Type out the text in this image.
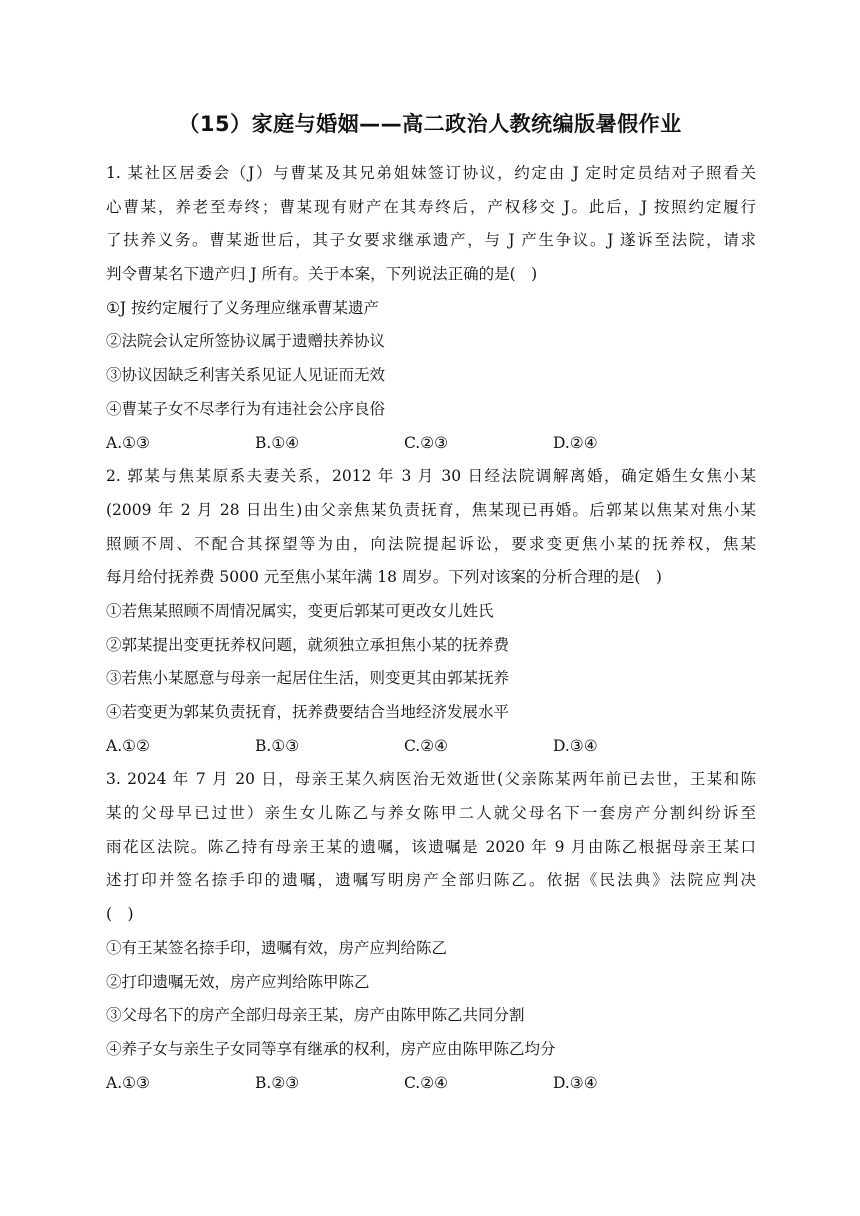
（15）家庭与婚姻——高二政治人教统编版暑假作业
1. 某社区居委会（J）与曹某及其兄弟姐妹签订协议，约定由 J 定时定员结对子照看关
心曹某，养老至寿终；曹某现有财产在其寿终后，产权移交 J。此后，J 按照约定履行
了扶养义务。曹某逝世后，其子女要求继承遗产，与 J 产生争议。J 遂诉至法院，请求
判令曹某名下遗产归 J 所有。关于本案，下列说法正确的是(　)
①J 按约定履行了义务理应继承曹某遗产
②法院会认定所签协议属于遗赠扶养协议
③协议因缺乏利害关系见证人见证而无效
④曹某子女不尽孝行为有违社会公序良俗
A.①③	B.①④	C.②③	D.②④
2. 郭某与焦某原系夫妻关系，2012 年 3 月 30 日经法院调解离婚，确定婚生女焦小某
(2009 年 2 月 28 日出生)由父亲焦某负责抚育，焦某现已再婚。后郭某以焦某对焦小某
照顾不周、不配合其探望等为由，向法院提起诉讼，要求变更焦小某的抚养权，焦某
每月给付抚养费 5000 元至焦小某年满 18 周岁。下列对该案的分析合理的是(　)
①若焦某照顾不周情况属实，变更后郭某可更改女儿姓氏
②郭某提出变更抚养权问题，就须独立承担焦小某的抚养费
③若焦小某愿意与母亲一起居住生活，则变更其由郭某抚养
④若变更为郭某负责抚育，抚养费要结合当地经济发展水平
A.①②	B.①③	C.②④	D.③④
3. 2024 年 7 月 20 日，母亲王某久病医治无效逝世(父亲陈某两年前已去世，王某和陈
某的父母早已过世）亲生女儿陈乙与养女陈甲二人就父母名下一套房产分割纠纷诉至
雨花区法院。陈乙持有母亲王某的遗嘱，该遗嘱是 2020 年 9 月由陈乙根据母亲王某口
述打印并签名捺手印的遗嘱，遗嘱写明房产全部归陈乙。依据《民法典》法院应判决
(　)
①有王某签名捺手印，遗嘱有效，房产应判给陈乙
②打印遗嘱无效，房产应判给陈甲陈乙
③父母名下的房产全部归母亲王某，房产由陈甲陈乙共同分割
④养子女与亲生子女同等享有继承的权利，房产应由陈甲陈乙均分
A.①③	B.②③	C.②④	D.③④
